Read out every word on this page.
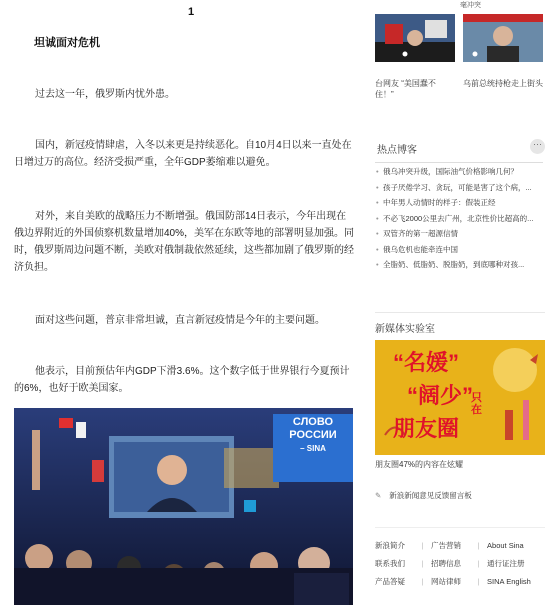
1
坦诚面对危机

过去这一年，俄罗斯内忧外患。

国内，新冠疫情肆虐，入冬以来更是持续恶化。自10月4日以来一直处在日增过万的高位。经济受损严重，全年GDP萎缩难以避免。

对外，来自美欧的战略压力不断增强。俄国防部14日表示，今年出现在俄边界附近的外国侦察机数量增加40%，美军在东欧等地的部署明显加强。同时，俄罗斯周边问题不断，美欧对俄制裁依然延续，这些都加剧了俄罗斯的经济负担。

面对这些问题，普京非常坦诚，直言新冠疫情是今年的主要问题。

他表示，目前预估年内GDP下滑3.6%。这个数字低于世界银行今夏预计的6%，也好于欧美国家。

СЛОВО
РОССИИ
– SINA
毫冲突
台网友 “美国蠢不住！”
乌前总统持枪走上街头
热点博客
···
• 俄乌冲突升级，国际油气价格影响几何？
• 孩子厌倦学习、贪玩，可能是害了这个病，...
• 中年男人动情时的样子：假装正经
• 不必飞2000公里去广州，北京性价比超高的...
• 双管齐的第一超源信情
• 俄乌危机也能牵连中国
• 全脂奶、低脂奶、脱脂奶，到底哪种对孩...
新媒体实验室
“名媛”
“阔少”
朋友圈
只在
朋友圈47%的内容在炫耀
✎ 新浪新闻意见反馈留言板
新浪简介	|	广告营销	|	About Sina
联系我们	|	招聘信息	|	通行证注册
产品答疑	|	网站律师	|	SINA English
